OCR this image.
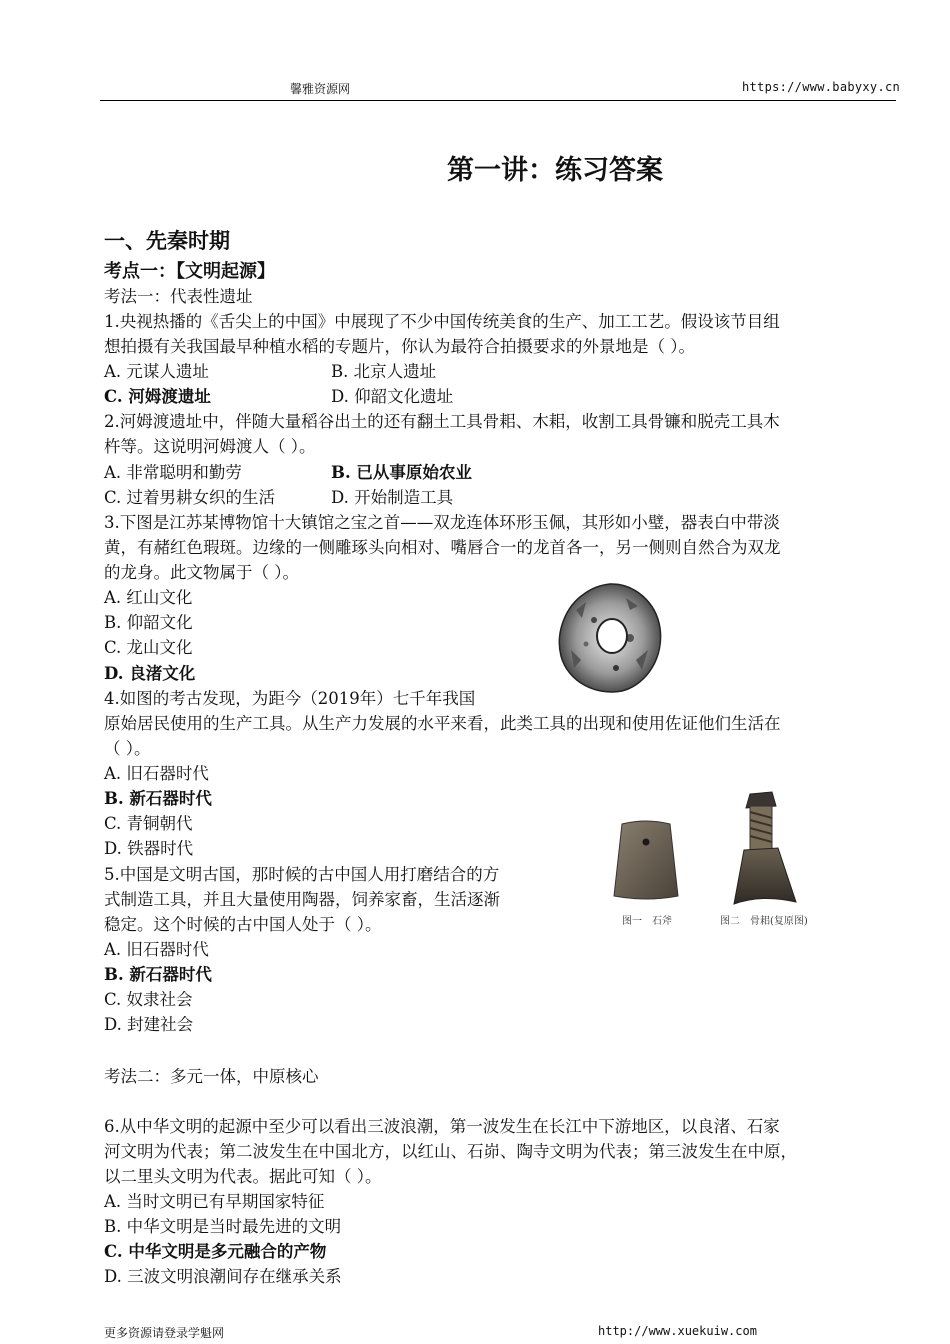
馨雅资源网	https://www.babyxy.cn
第一讲：练习答案
一、先秦时期
考点一：【文明起源】
考法一：代表性遗址
1.央视热播的《舌尖上的中国》中展现了不少中国传统美食的生产、加工工艺。假设该节目组
想拍摄有关我国最早种植水稻的专题片，你认为最符合拍摄要求的外景地是（ ）。
A. 元谋人遗址	B. 北京人遗址
C. 河姆渡遗址	D. 仰韶文化遗址
2.河姆渡遗址中，伴随大量稻谷出土的还有翻土工具骨耜、木耜，收割工具骨镰和脱壳工具木
杵等。这说明河姆渡人（ ）。
A. 非常聪明和勤劳	B. 已从事原始农业
C. 过着男耕女织的生活	D. 开始制造工具
3.下图是江苏某博物馆十大镇馆之宝之首——双龙连体环形玉佩，其形如小璧，器表白中带淡
黄，有赭红色瑕斑。边缘的一侧雕琢头向相对、嘴唇合一的龙首各一，另一侧则自然合为双龙
的龙身。此文物属于（ ）。
A. 红山文化
B. 仰韶文化
C. 龙山文化
D. 良渚文化
4.如图的考古发现，为距今（2019年）七千年我国
原始居民使用的生产工具。从生产力发展的水平来看，此类工具的出现和使用佐证他们生活在
（ ）。
A. 旧石器时代
B. 新石器时代
C. 青铜朝代
D. 铁器时代
图一　石斧	图二　骨耜(复原图)
5.中国是文明古国，那时候的古中国人用打磨结合的方
式制造工具，并且大量使用陶器，饲养家畜，生活逐渐
稳定。这个时候的古中国人处于（ ）。
A. 旧石器时代
B. 新石器时代
C. 奴隶社会
D. 封建社会
考法二：多元一体，中原核心
6.从中华文明的起源中至少可以看出三波浪潮，第一波发生在长江中下游地区，以良渚、石家
河文明为代表；第二波发生在中国北方，以红山、石峁、陶寺文明为代表；第三波发生在中原，
以二里头文明为代表。据此可知（ ）。
A. 当时文明已有早期国家特征
B. 中华文明是当时最先进的文明
C. 中华文明是多元融合的产物
D. 三波文明浪潮间存在继承关系
更多资源请登录学魁网	http://www.xuekuiw.com
